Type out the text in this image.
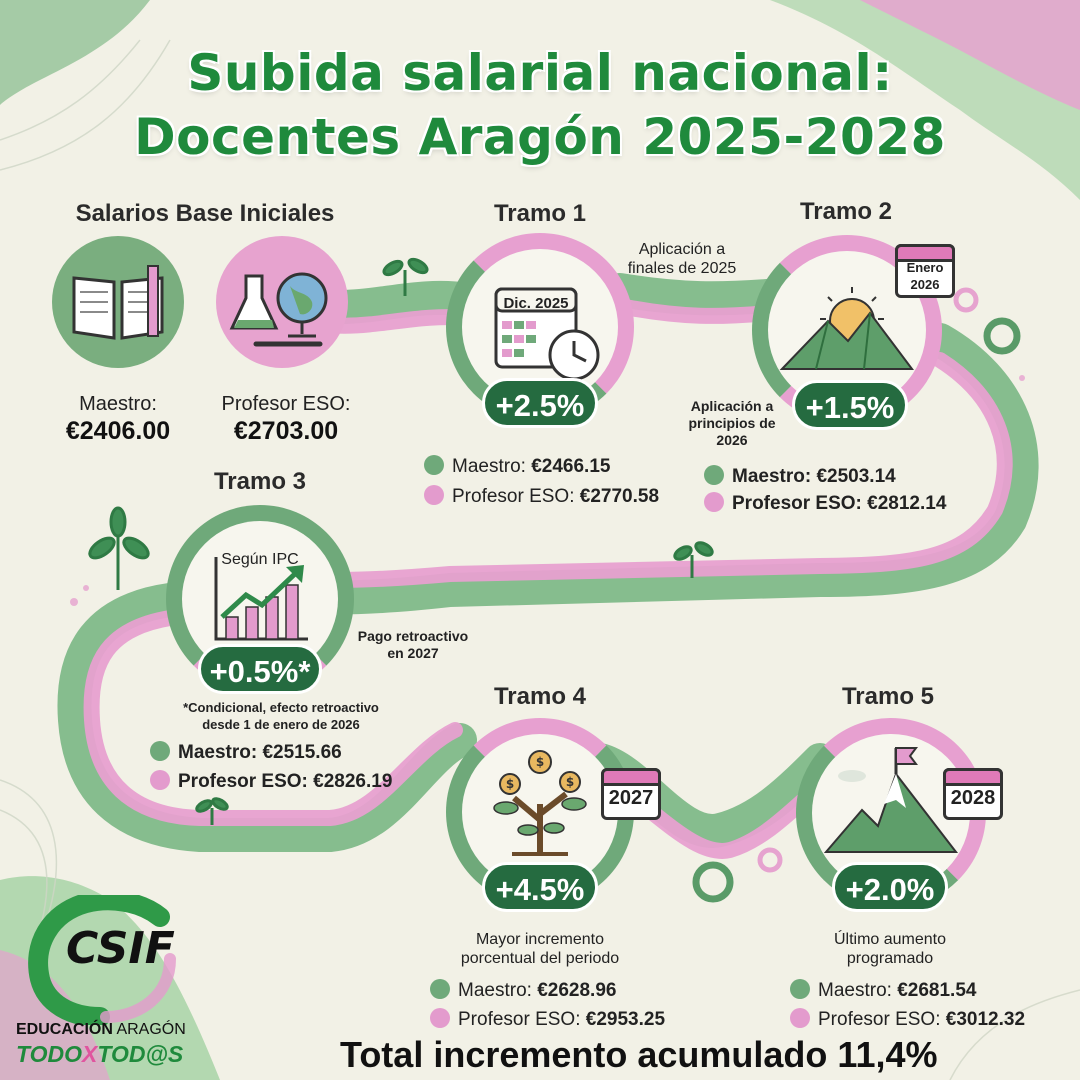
Subida salarial nacional:
Docentes Aragón 2025-2028
Salarios Base Iniciales
Maestro:
€2406.00
Profesor ESO:
€2703.00
Tramo 1
Dic. 2025
+2.5%
Aplicación a finales de 2025
Maestro: €2466.15
Profesor ESO: €2770.58
Tramo 2
Enero
2026
+1.5%
Aplicación a principios de 2026
Maestro: €2503.14
Profesor ESO: €2812.14
Tramo 3
Según IPC
+0.5%*
Pago retroactivo en 2027
*Condicional, efecto retroactivo desde 1 de enero de 2026
Maestro: €2515.66
Profesor ESO: €2826.19
Tramo 4
$
$	$
2027
+4.5%
Mayor incremento porcentual del periodo
Maestro: €2628.96
Profesor ESO: €2953.25
Tramo 5
2028
+2.0%
Último aumento programado
Maestro: €2681.54
Profesor ESO: €3012.32
Total incremento acumulado 11,4%
CSIF
EDUCACIÓN ARAGÓN
TODOXTOD@S
